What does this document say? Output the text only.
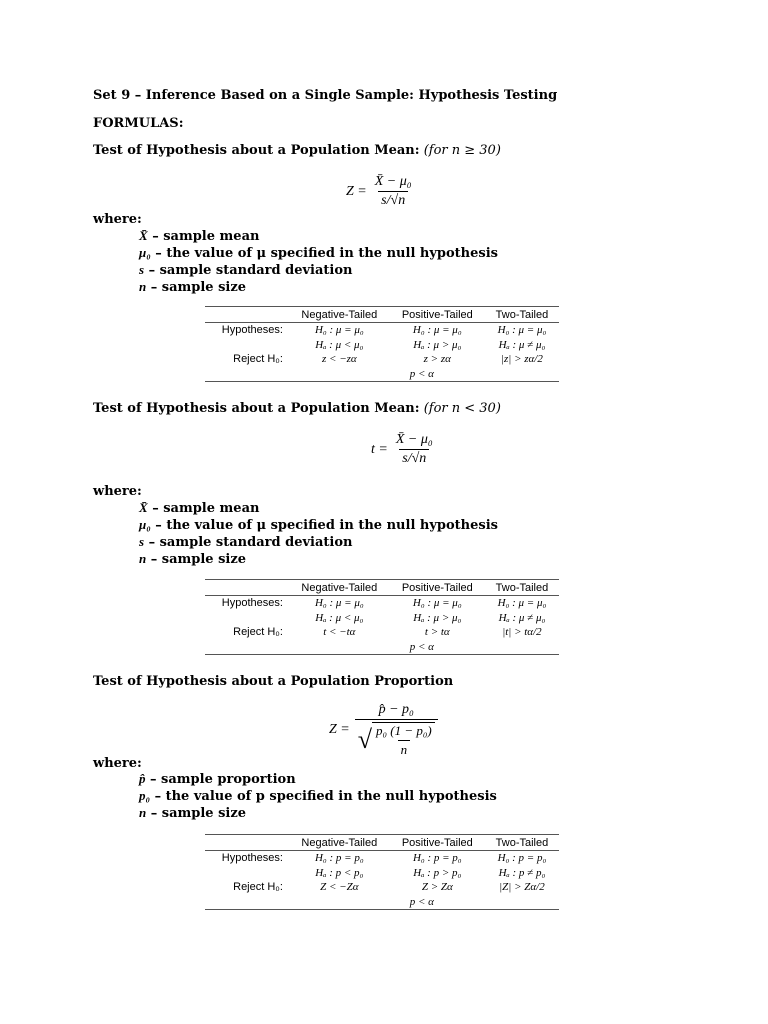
Set 9 – Inference Based on a Single Sample: Hypothesis Testing
FORMULAS:
Test of Hypothesis about a Population Mean: (for n ≥ 30)
$Z = \frac{\text{X̄ − μ₀}}{s/√n}$
where:
X̄ – sample mean
μ₀ – the value of μ specified in the null hypothesis
s – sample standard deviation
n – sample size
	Negative-Tailed	Positive-Tailed	Two-Tailed
Hypotheses:	H₀ : μ = μ₀	H₀ : μ = μ₀	H₀ : μ = μ₀
	Hₐ : μ < μ₀	Hₐ : μ > μ₀	Hₐ : μ ≠ μ₀
Reject H₀:	z < −zα	z > zα	|z| > zα/2
		p < α	
Test of Hypothesis about a Population Mean: (for n < 30)
$t = \frac{\text{X̄ − μ₀}}{s/√n}$
where:
X̄ – sample mean
μ₀ – the value of μ specified in the null hypothesis
s – sample standard deviation
n – sample size
	Negative-Tailed	Positive-Tailed	Two-Tailed
Hypotheses:	H₀ : μ = μ₀	H₀ : μ = μ₀	H₀ : μ = μ₀
	Hₐ : μ < μ₀	Hₐ : μ > μ₀	Hₐ : μ ≠ μ₀
Reject H₀:	t < −tα	t > tα	|t| > tα/2
		p < α	
Test of Hypothesis about a Population Proportion
$Z = \frac{\text{p̂ − p₀}}{√ \frac{\text{p₀ (1 − p₀)}}{n}}$
where:
p̂ – sample proportion
p₀ – the value of p specified in the null hypothesis
n – sample size
	Negative-Tailed	Positive-Tailed	Two-Tailed
Hypotheses:	H₀ : p = p₀	H₀ : p = p₀	H₀ : p = p₀
	Hₐ : p < p₀	Hₐ : p > p₀	Hₐ : p ≠ p₀
Reject H₀:	Z < −Zα	Z > Zα	|Z| > Zα/2
		p < α	
